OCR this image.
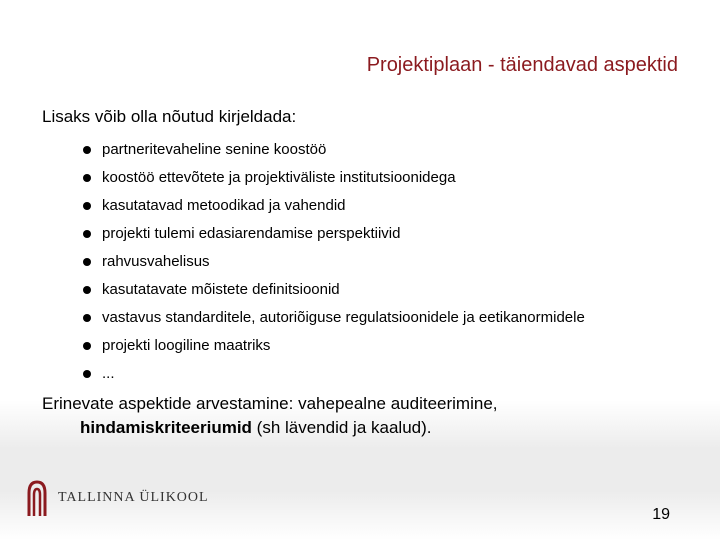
Projektiplaan - täiendavad aspektid
Lisaks võib olla nõutud kirjeldada:
partneritevaheline senine koostöö
koostöö ettevõtete ja projektiväliste institutsioonidega
kasutatavad metoodikad ja vahendid
projekti tulemi edasiarendamise perspektiivid
rahvusvahelisus
kasutatavate mõistete definitsioonid
vastavus standarditele, autoriõiguse regulatsioonidele ja eetikanormidele
projekti loogiline maatriks
...
Erinevate aspektide arvestamine: vahepealne auditeerimine,
hindamiskriteeriumid (sh lävendid ja kaalud).
TALLINNA ÜLIKOOL
19
